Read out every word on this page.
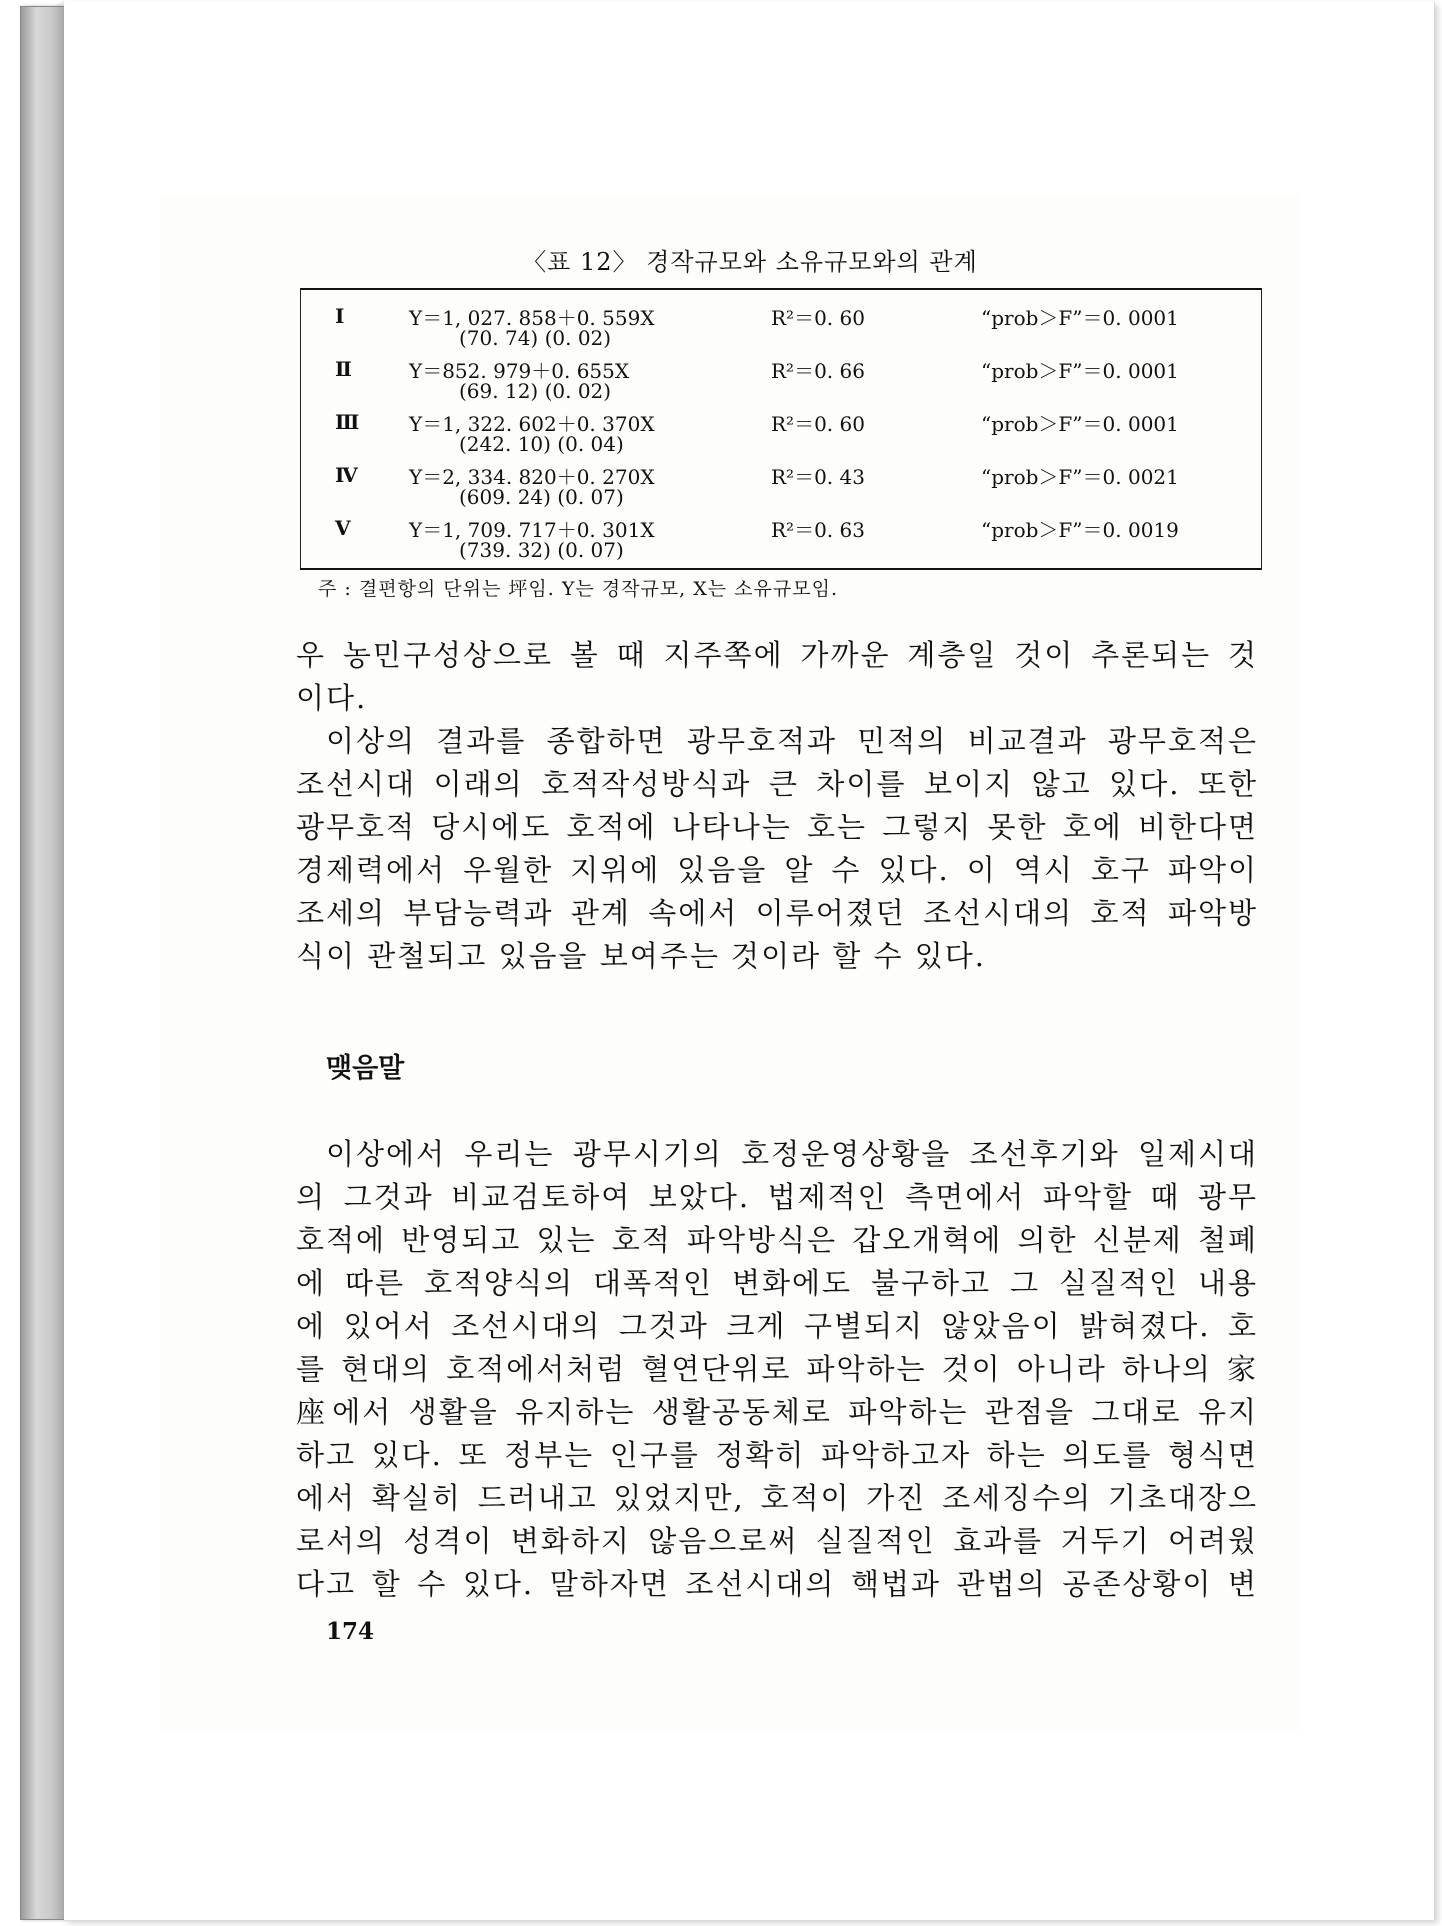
〈표 12〉 경작규모와 소유규모와의 관계
Ⅰ	Y＝1, 027. 858＋0. 559X
(70. 74) (0. 02)
R²＝0. 60	“prob＞F”＝0. 0001
Ⅱ	Y＝852. 979＋0. 655X
(69. 12) (0. 02)
R²＝0. 66	“prob＞F”＝0. 0001
Ⅲ Y＝1, 322. 602＋0. 370X
(242. 10) (0. 04)
R²＝0. 60	“prob＞F”＝0. 0001
Ⅳ	Y＝2, 334. 820＋0. 270X
(609. 24) (0. 07)
R²＝0. 43	“prob＞F”＝0. 0021
Ⅴ	Y＝1, 709. 717＋0. 301X
(739. 32) (0. 07)
R²＝0. 63	“prob＞F”＝0. 0019
주 : 결편항의 단위는 坪임. Y는 경작규모, X는 소유규모임.
우 농민구성상으로 볼 때 지주쪽에 가까운 계층일 것이 추론되는 것
이다.
이상의 결과를 종합하면 광무호적과 민적의 비교결과 광무호적은
조선시대 이래의 호적작성방식과 큰 차이를 보이지 않고 있다. 또한
광무호적 당시에도 호적에 나타나는 호는 그렇지 못한 호에 비한다면
경제력에서 우월한 지위에 있음을 알 수 있다. 이 역시 호구 파악이
조세의 부담능력과 관계 속에서 이루어졌던 조선시대의 호적 파악방
식이 관철되고 있음을 보여주는 것이라 할 수 있다.
맺음말
이상에서 우리는 광무시기의 호정운영상황을 조선후기와 일제시대
의 그것과 비교검토하여 보았다. 법제적인 측면에서 파악할 때 광무
호적에 반영되고 있는 호적 파악방식은 갑오개혁에 의한 신분제 철폐
에 따른 호적양식의 대폭적인 변화에도 불구하고 그 실질적인 내용
에 있어서 조선시대의 그것과 크게 구별되지 않았음이 밝혀졌다. 호
를 현대의 호적에서처럼 혈연단위로 파악하는 것이 아니라 하나의 家
座에서 생활을 유지하는 생활공동체로 파악하는 관점을 그대로 유지
하고 있다. 또 정부는 인구를 정확히 파악하고자 하는 의도를 형식면
에서 확실히 드러내고 있었지만, 호적이 가진 조세징수의 기초대장으
로서의 성격이 변화하지 않음으로써 실질적인 효과를 거두기 어려웠
다고 할 수 있다. 말하자면 조선시대의 핵법과 관법의 공존상황이 변
174
